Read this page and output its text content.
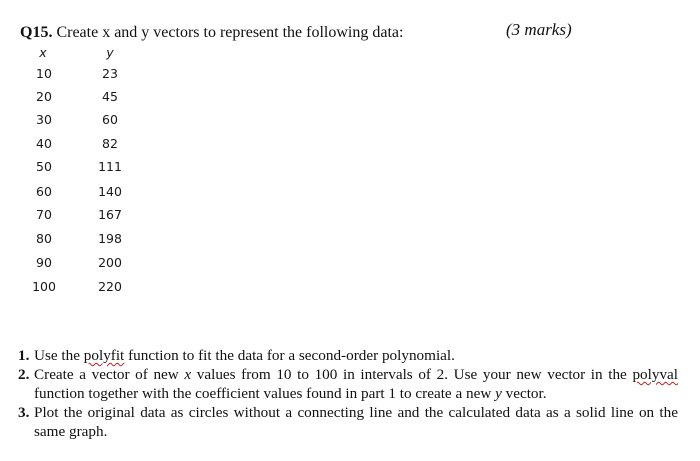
Q15. Create x and y vectors to represent the following data:	(3 marks)
x	y
10	23
20	45
30	60
40	82
50	111
60	140
70	167
80	198
90	200
100	220
1. Use the polyfit function to fit the data for a second-order polynomial.
2. Create a vector of new x values from 10 to 100 in intervals of 2. Use your new vector in the polyval function together with the coefficient values found in part 1 to create a new y vector.
3. Plot the original data as circles without a connecting line and the calculated data as a solid line on the same graph.
